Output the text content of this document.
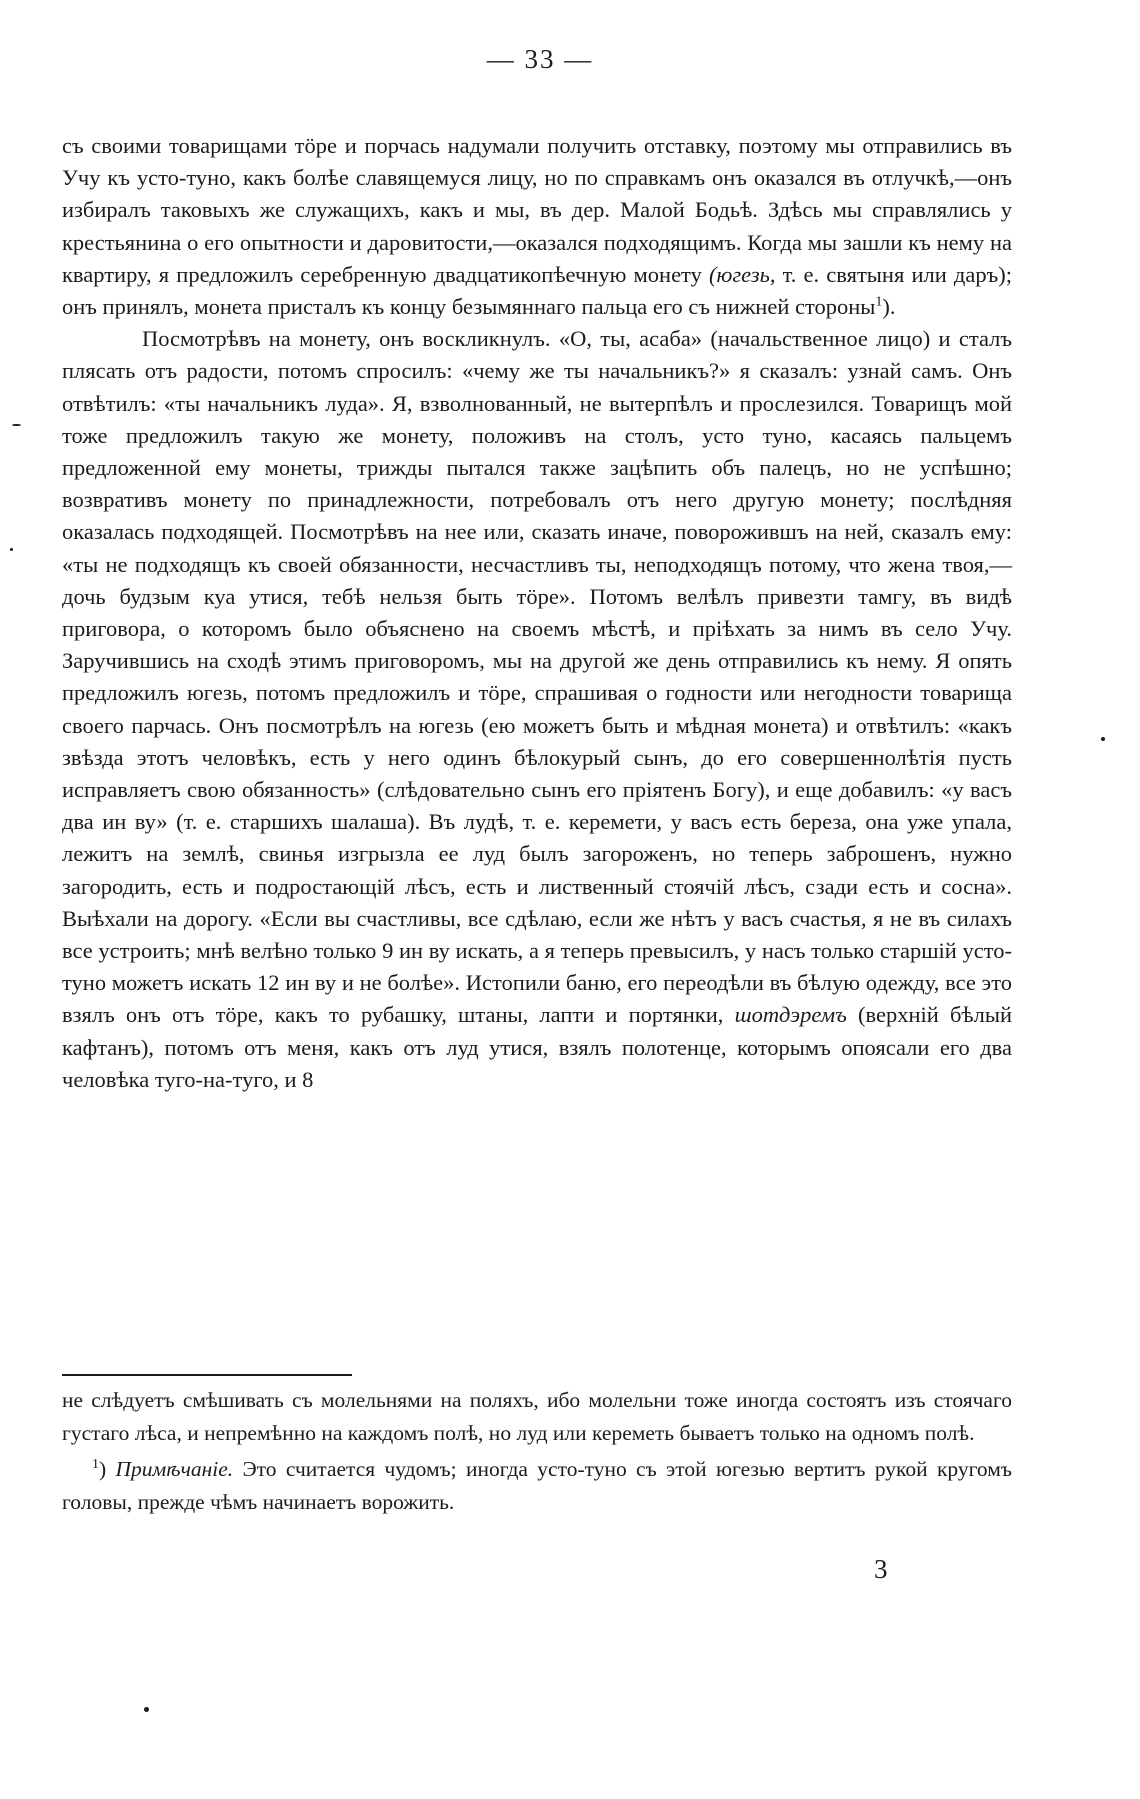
— 33 —

съ своими товарищами тöре и порчась надумали получить отставку, поэтому мы отправились въ Учу къ усто-туно, какъ болѣе славящемуся лицу, но по справкамъ онъ оказался въ отлучкѣ,—онъ избиралъ таковыхъ же служащихъ, какъ и мы, въ дер. Малой Бодьѣ. Здѣсь мы справлялись у крестьянина о его опытности и даровитости,—оказался подходящимъ. Когда мы зашли къ нему на квартиру, я предложилъ серебренную двадцатикопѣечную монету (югезь, т. е. святыня или даръ); онъ принялъ, монета присталъ къ концу безымяннаго пальца его съ нижней стороны$^1$).

Посмотрѣвъ на монету, онъ воскликнулъ. «О, ты, асаба» (начальственное лицо) и сталъ плясать отъ радости, потомъ спросилъ: «чему же ты начальникъ?» я сказалъ: узнай самъ. Онъ отвѣтилъ: «ты начальникъ луда». Я, взволнованный, не вытерпѣлъ и прослезился. Товарищъ мой тоже предложилъ такую же монету, положивъ на столъ, усто туно, касаясь пальцемъ предложенной ему монеты, трижды пытался также зацѣпить объ палецъ, но не успѣшно; возвративъ монету по принадлежности, потребовалъ отъ него другую монету; послѣдняя оказалась подходящей. Посмотрѣвъ на нее или, сказать иначе, поворожившъ на ней, сказалъ ему: «ты не подходящъ къ своей обязанности, несчастливъ ты, неподходящъ потому, что жена твоя,—дочь будзым куа утися, тебѣ нельзя быть тöре». Потомъ велѣлъ привезти тамгу, въ видѣ приговора, о которомъ было объяснено на своемъ мѣстѣ, и пріѣхать за нимъ въ село Учу. Заручившись на сходѣ этимъ приговоромъ, мы на другой же день отправились къ нему. Я опять предложилъ югезь, потомъ предложилъ и тöре, спрашивая о годности или негодности товарища своего парчась. Онъ посмотрѣлъ на югезь (ею можетъ быть и мѣдная монета) и отвѣтилъ: «какъ звѣзда этотъ человѣкъ, есть у него одинъ бѣлокурый сынъ, до его совершеннолѣтія пусть исправляетъ свою обязанность» (слѣдовательно сынъ его пріятенъ Богу), и еще добавилъ: «у васъ два ин ву» (т. е. старшихъ шалаша). Въ лудѣ, т. е. керемети, у васъ есть береза, она уже упала, лежитъ на землѣ, свинья изгрызла ее луд былъ загороженъ, но теперь заброшенъ, нужно загородить, есть и подростающій лѣсъ, есть и лиственный стоячій лѣсъ, сзади есть и сосна». Выѣхали на дорогу. «Если вы счастливы, все сдѣлаю, если же нѣтъ у васъ счастья, я не въ силахъ все устроить; мнѣ велѣно только 9 ин ву искать, а я теперь превысилъ, у насъ только старшій усто-туно можетъ искать 12 ин ву и не болѣе». Истопили баню, его переодѣли въ бѣлую одежду, все это взялъ онъ отъ тöре, какъ то рубашку, штаны, лапти и портянки, шотдэремъ (верхній бѣлый кафтанъ), потомъ отъ меня, какъ отъ луд утися, взялъ полотенце, которымъ опоясали его два человѣка туго-на-туго, и 8

не слѣдуетъ смѣшивать съ молельнями на поляхъ, ибо молельни тоже иногда состоятъ изъ стоячаго густаго лѣса, и непремѣнно на каждомъ полѣ, но луд или кереметь бываетъ только на одномъ полѣ.

$^1$) Примѣчаніе. Это считается чудомъ; иногда усто-туно съ этой югезью вертитъ рукой кругомъ головы, прежде чѣмъ начинаетъ ворожить.

3
